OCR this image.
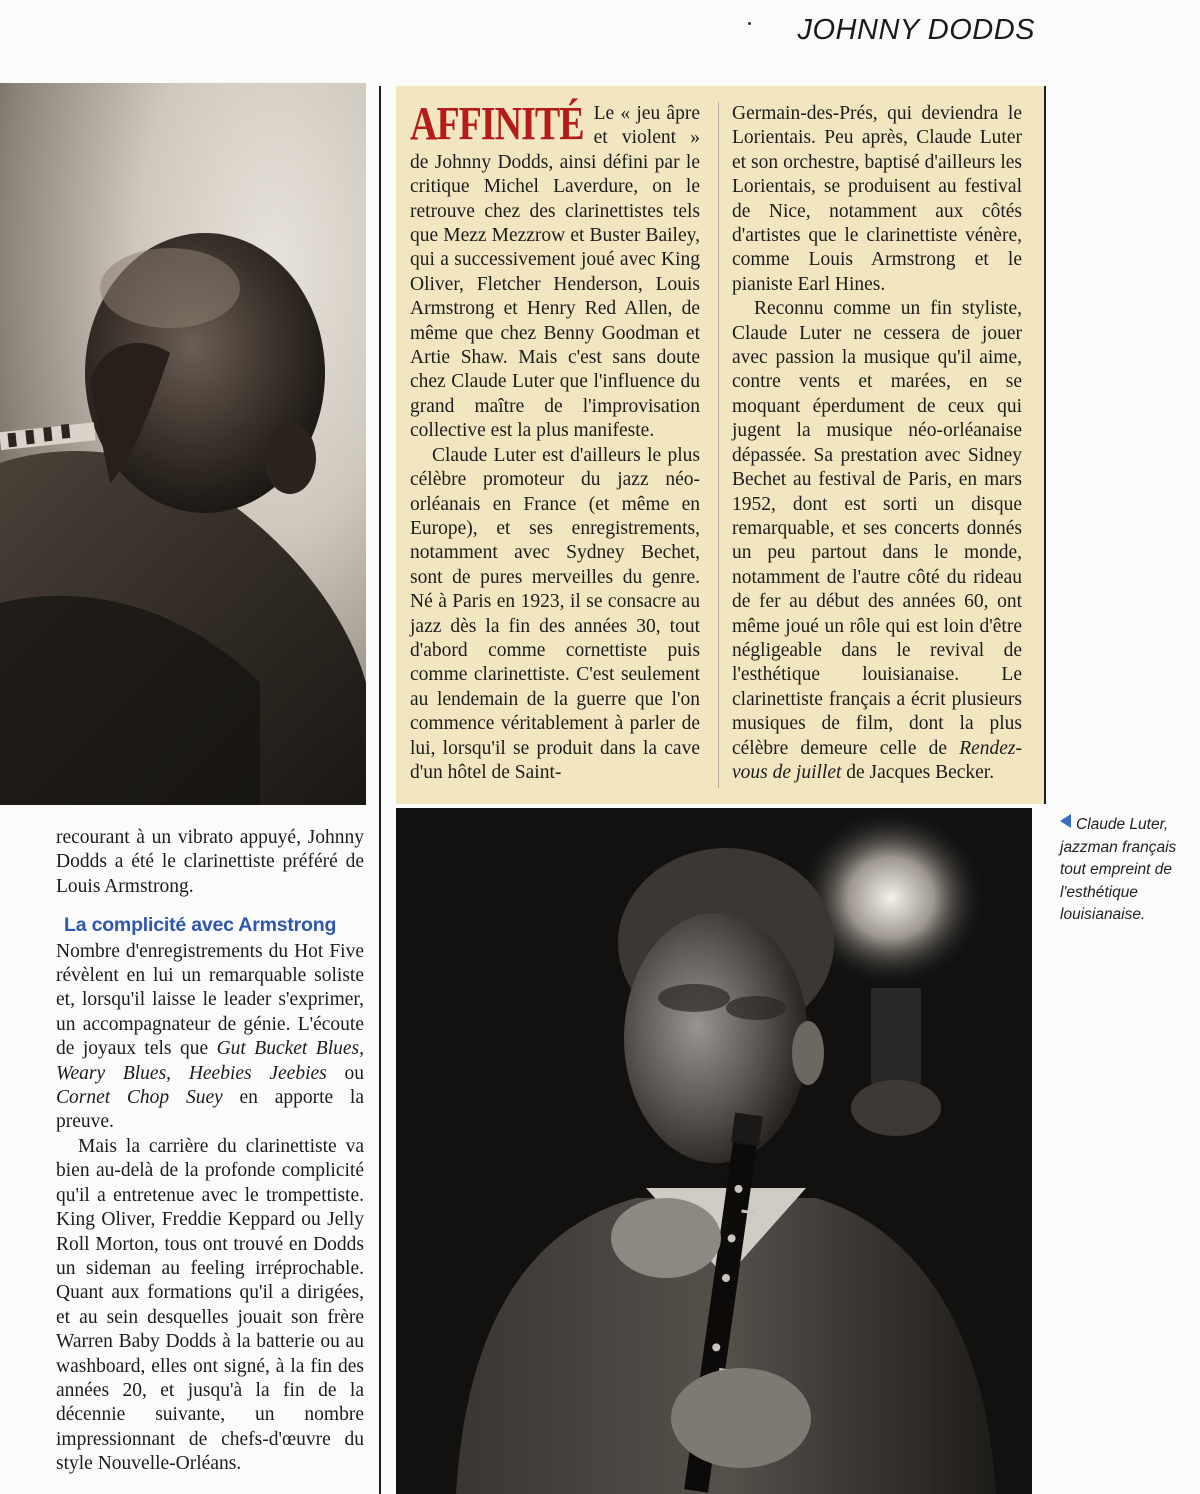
JOHNNY DODDS

AFFINITÉ Le « jeu âpre et violent » de Johnny Dodds, ainsi défini par le critique Michel Laverdure, on le retrouve chez des clarinettistes tels que Mezz Mezzrow et Buster Bailey, qui a successivement joué avec King Oliver, Fletcher Henderson, Louis Armstrong et Henry Red Allen, de même que chez Benny Goodman et Artie Shaw. Mais c'est sans doute chez Claude Luter que l'influence du grand maître de l'improvisation collective est la plus manifeste.

Claude Luter est d'ailleurs le plus célèbre promoteur du jazz néo-orléanais en France (et même en Europe), et ses enregistrements, notamment avec Sydney Bechet, sont de pures merveilles du genre. Né à Paris en 1923, il se consacre au jazz dès la fin des années 30, tout d'abord comme cornettiste puis comme clarinettiste. C'est seulement au lendemain de la guerre que l'on commence véritablement à parler de lui, lorsqu'il se produit dans la cave d'un hôtel de Saint-

Germain-des-Prés, qui deviendra le Lorientais. Peu après, Claude Luter et son orchestre, baptisé d'ailleurs les Lorientais, se produisent au festival de Nice, notamment aux côtés d'artistes que le clarinettiste vénère, comme Louis Armstrong et le pianiste Earl Hines.

Reconnu comme un fin styliste, Claude Luter ne cessera de jouer avec passion la musique qu'il aime, contre vents et marées, en se moquant éperdument de ceux qui jugent la musique néo-orléanaise dépassée. Sa prestation avec Sidney Bechet au festival de Paris, en mars 1952, dont est sorti un disque remarquable, et ses concerts donnés un peu partout dans le monde, notamment de l'autre côté du rideau de fer au début des années 60, ont même joué un rôle qui est loin d'être négligeable dans le revival de l'esthétique louisianaise. Le clarinettiste français a écrit plusieurs musiques de film, dont la plus célèbre demeure celle de Rendez-vous de juillet de Jacques Becker.

recourant à un vibrato appuyé, Johnny Dodds a été le clarinettiste préféré de Louis Armstrong.

La complicité avec Armstrong

Nombre d'enregistrements du Hot Five révèlent en lui un remarquable soliste et, lorsqu'il laisse le leader s'exprimer, un accompagnateur de génie. L'écoute de joyaux tels que Gut Bucket Blues, Weary Blues, Heebies Jeebies ou Cornet Chop Suey en apporte la preuve.

Mais la carrière du clarinettiste va bien au-delà de la profonde complicité qu'il a entretenue avec le trompettiste. King Oliver, Freddie Keppard ou Jelly Roll Morton, tous ont trouvé en Dodds un sideman au feeling irréprochable. Quant aux formations qu'il a dirigées, et au sein desquelles jouait son frère Warren Baby Dodds à la batterie ou au washboard, elles ont signé, à la fin des années 20, et jusqu'à la fin de la décennie suivante, un nombre impressionnant de chefs-d'œuvre du style Nouvelle-Orléans.

Claude Luter, jazzman français tout empreint de l'esthétique louisianaise.
